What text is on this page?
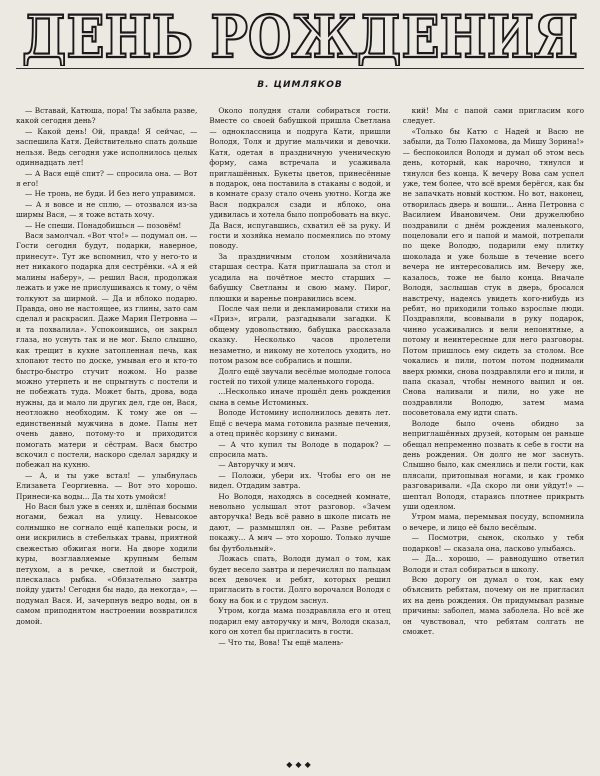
ДЕНЬ РОЖДЕНИЯ
В. ЦИМЛЯКОВ

— Вставай, Катюша, пора! Ты забыла разве, какой сегодня день?

— Какой день! Ой, правда! Я сейчас, — заспешила Катя. Действительно спать дольше нельзя. Ведь сегодня уже исполнилось целых одиннадцать лет!

— А Вася ещё спит? — спросила она. — Вот я его!

— Не тронь, не буди. И без него управимся.

— А я вовсе и не сплю, — отозвался из-за ширмы Вася, — я тоже встать хочу.

— Не спеши. Понадобишься — позовём!

Вася замолчал. «Вот что!» — подумал он. — Гости сегодня будут, подарки, наверное, принесут». Тут же вспомнил, что у него-то и нет никакого подарка для сестрёнки. «А я ей малины наберу», — решил Вася, продолжая лежать и уже не прислушиваясь к тому, о чём толкуют за ширмой. — Да и яблоко подарю. Правда, оно не настоящее, из глины, зато сам сделал и раскрасил. Даже Мария Петровна — и та похвалила». Успокоившись, он закрыл глаза, но уснуть так и не мог. Было слышно, как трещит в кухне затопленная печь, как хлопают тесто по доске, умывая его и кто-то быстро-быстро стучит ножом. Но разве можно утерпеть и не спрыгнуть с постели и не побежать туда. Может быть, дрова, вода нужны, да и мало ли других дел, где он, Вася, неотложно необходим. К тому же он — единственный мужчина в доме. Папы нет очень давно, потому-то и приходится помогать матери и сёстрам. Вася быстро вскочил с постели, наскоро сделал зарядку и побежал на кухню.

— А, и ты уже встал! — улыбнулась Елизавета Георгиевна. — Вот это хорошо. Принеси-ка воды... Да ты хоть умойся!

Но Вася был уже в сенях и, шлёпая босыми ногами, бежал на улицу. Невысокое солнышко не согнало ещё капельки росы, и они искрились в стебельках травы, приятной свежестью обжигая ноги. На дворе ходили куры, возглавляемые крупным белым петухом, а в речке, светлой и быстрой, плескалась рыбка. «Обязательно завтра пойду удить! Сегодня бы надо, да некогда», — подумал Вася. И, зачерпнув ведро воды, он в самом приподнятом настроении возвратился домой.

Около полудня стали собираться гости. Вместе со своей бабушкой пришла Светлана — одноклассница и подруга Кати, пришли Володя, Толя и другие мальчики и девочки. Катя, одетая в праздничную ученическую форму, сама встречала и усаживала приглашённых. Букеты цветов, принесённые в подарок, она поставила в стаканы с водой, и в комнате сразу стало очень уютно. Когда же Вася подкрался сзади и яблоко, она удивилась и хотела было попробовать на вкус. Да Вася, испугавшись, схватил её за руку. И гости и хозяйка немало посмеялись по этому поводу.

За праздничным столом хозяйничала старшая сестра. Катя приглашала за стол и усадила на почётное место старших — бабушку Светланы и свою маму. Пирог, плюшки и варенье понравились всем.

После чая пели и декламировали стихи на «Приз», играли, разгадывали загадки. К общему удовольствию, бабушка рассказала сказку. Несколько часов пролетели незаметно, и никому не хотелось уходить, но потом разом все собрались и пошли.

Долго ещё звучали весёлые молодые голоса гостей по тихой улице маленького города.

...Несколько иначе прошёл день рождения сына в семье Истоминых.

Володе Истомину исполнилось девять лет. Ещё с вечера мама готовила разные печения, а отец принёс корзину с винами.

— А что купил ты Володе в подарок? — спросила мать.

— Авторучку и мяч.

— Положи, убери их. Чтобы его он не видел. Отдадим завтра.

Но Володя, находясь в соседней комнате, невольно услышал этот разговор. «Зачем авторучка! Ведь всё равно в школе писать не дают, — размышлял он. — Разве ребятам покажу... А мяч — это хорошо. Только лучше бы футбольный».

Ложась спать, Володя думал о том, как будет весело завтра и перечислял по пальцам всех девочек и ребят, которых решил пригласить в гости. Долго ворочался Володя с боку на бок и с трудом заснул.

Утром, когда мама поздравляла его и отец подарил ему авторучку и мяч, Володя сказал, кого он хотел бы пригласить в гости.

— Что ты, Вова! Ты ещё малень-

кий! Мы с папой сами пригласим кого следует.

«Только бы Катю с Надей и Васю не забыли, да Толю Пахомова, да Мишу Зорина!» — беспокоился Володя и думал об этом весь день, который, как нарочно, тянулся и тянулся без конца. К вечеру Вова сам успел уже, тем более, что всё время берёгся, как бы не запачкать новый костюм. Но вот, наконец, отворилась дверь и вошли... Анна Петровна с Василием Ивановичем. Они дружелюбно поздравили с днём рождения маленького, поцеловали его и папой и мамой, потрепали по щеке Володю, подарили ему плитку шоколада и уже больше в течение всего вечера не интересовались им. Вечеру же, казалось, тоже не было конца. Вначале Володя, заслышав стук в дверь, бросался навстречу, надеясь увидеть кого-нибудь из ребят, но приходили только взрослые люди. Поздравляли, всовывали в руку подарок, чинно усаживались и вели непонятные, а потому и неинтересные для него разговоры. Потом пришлось ему сидеть за столом. Все чокались и пили, потом потом поднимали вверх рюмки, снова поздравляли его и пили, и папа сказал, чтобы немного выпил и он. Снова наливали и пили, но уже не поздравляли Володю, затем мама посоветовала ему идти спать.

Володе было очень обидно за неприглашённых друзей, которым он раньше обещал непременно позвать к себе в гости на день рождения. Он долго не мог заснуть. Слышно было, как смеялись и пели гости, как плясали, притопывая ногами, и как громко разговаривали. «Да скоро ли они уйдут!» — шептал Володя, стараясь плотнее прикрыть уши одеялом.

Утром мама, перемывая посуду, вспомнила о вечере, и лицо её было весёлым.

— Посмотри, сынок, сколько у тебя подарков! — сказала она, ласково улыбаясь.

— Да... хорошо, — равнодушно ответил Володя и стал собираться в школу.

Всю дорогу он думал о том, как ему объяснить ребятам, почему он не пригласил их на день рождения. Он придумывал разные причины: заболел, мама заболела. Но всё же он чувствовал, что ребятам солгать не сможет.

◆◆◆
